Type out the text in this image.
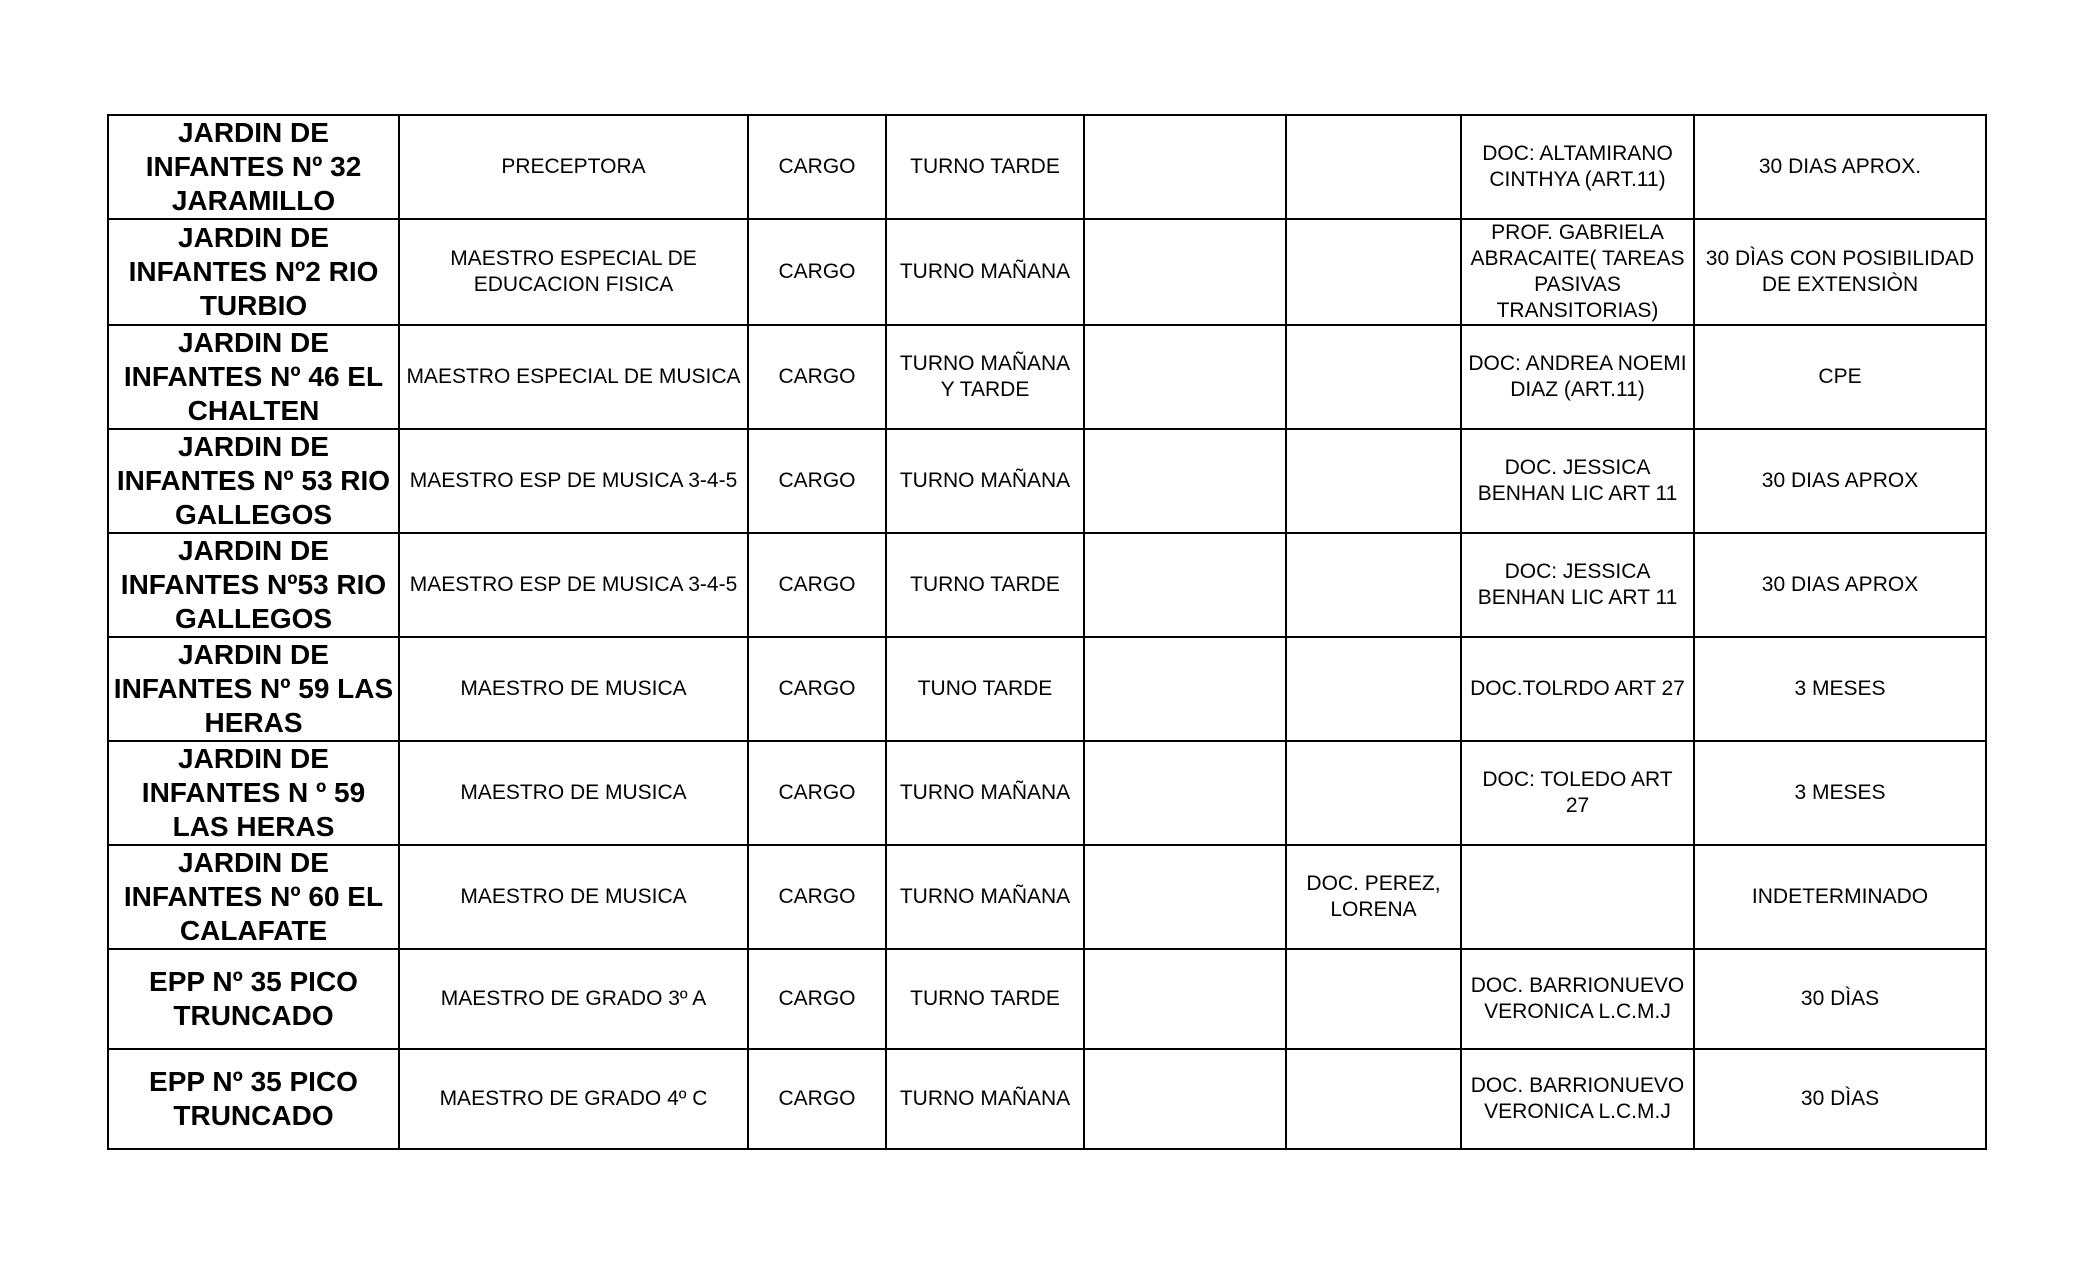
JARDIN DE INFANTES Nº 32 JARAMILLO	PRECEPTORA	CARGO	TURNO TARDE			DOC: ALTAMIRANO CINTHYA (ART.11)	30 DIAS APROX.
JARDIN DE INFANTES Nº2 RIO TURBIO	MAESTRO ESPECIAL DE EDUCACION FISICA	CARGO	TURNO MAÑANA			PROF. GABRIELA ABRACAITE( TAREAS PASIVAS TRANSITORIAS)	30 DÌAS CON POSIBILIDAD DE EXTENSIÒN
JARDIN DE INFANTES Nº 46 EL CHALTEN	MAESTRO ESPECIAL DE MUSICA	CARGO	TURNO MAÑANA Y TARDE			DOC: ANDREA NOEMI DIAZ (ART.11)	CPE
JARDIN DE INFANTES Nº 53 RIO GALLEGOS	MAESTRO ESP DE MUSICA 3-4-5	CARGO	TURNO MAÑANA			DOC. JESSICA BENHAN LIC ART 11	30 DIAS APROX
JARDIN DE INFANTES Nº53 RIO GALLEGOS	MAESTRO ESP DE MUSICA 3-4-5	CARGO	TURNO TARDE			DOC: JESSICA BENHAN LIC ART 11	30 DIAS APROX
JARDIN DE INFANTES Nº 59 LAS HERAS	MAESTRO DE MUSICA	CARGO	TUNO TARDE			DOC.TOLRDO ART 27	3 MESES
JARDIN DE INFANTES N º 59 LAS HERAS	MAESTRO DE MUSICA	CARGO	TURNO MAÑANA			DOC: TOLEDO ART 27	3 MESES
JARDIN DE INFANTES Nº 60 EL CALAFATE	MAESTRO DE MUSICA	CARGO	TURNO MAÑANA		DOC. PEREZ, LORENA		INDETERMINADO
EPP Nº 35 PICO TRUNCADO	MAESTRO DE GRADO 3º A	CARGO	TURNO TARDE			DOC. BARRIONUEVO VERONICA L.C.M.J	30 DÌAS
EPP Nº 35 PICO TRUNCADO	MAESTRO DE GRADO 4º C	CARGO	TURNO MAÑANA			DOC. BARRIONUEVO VERONICA L.C.M.J	30 DÌAS
